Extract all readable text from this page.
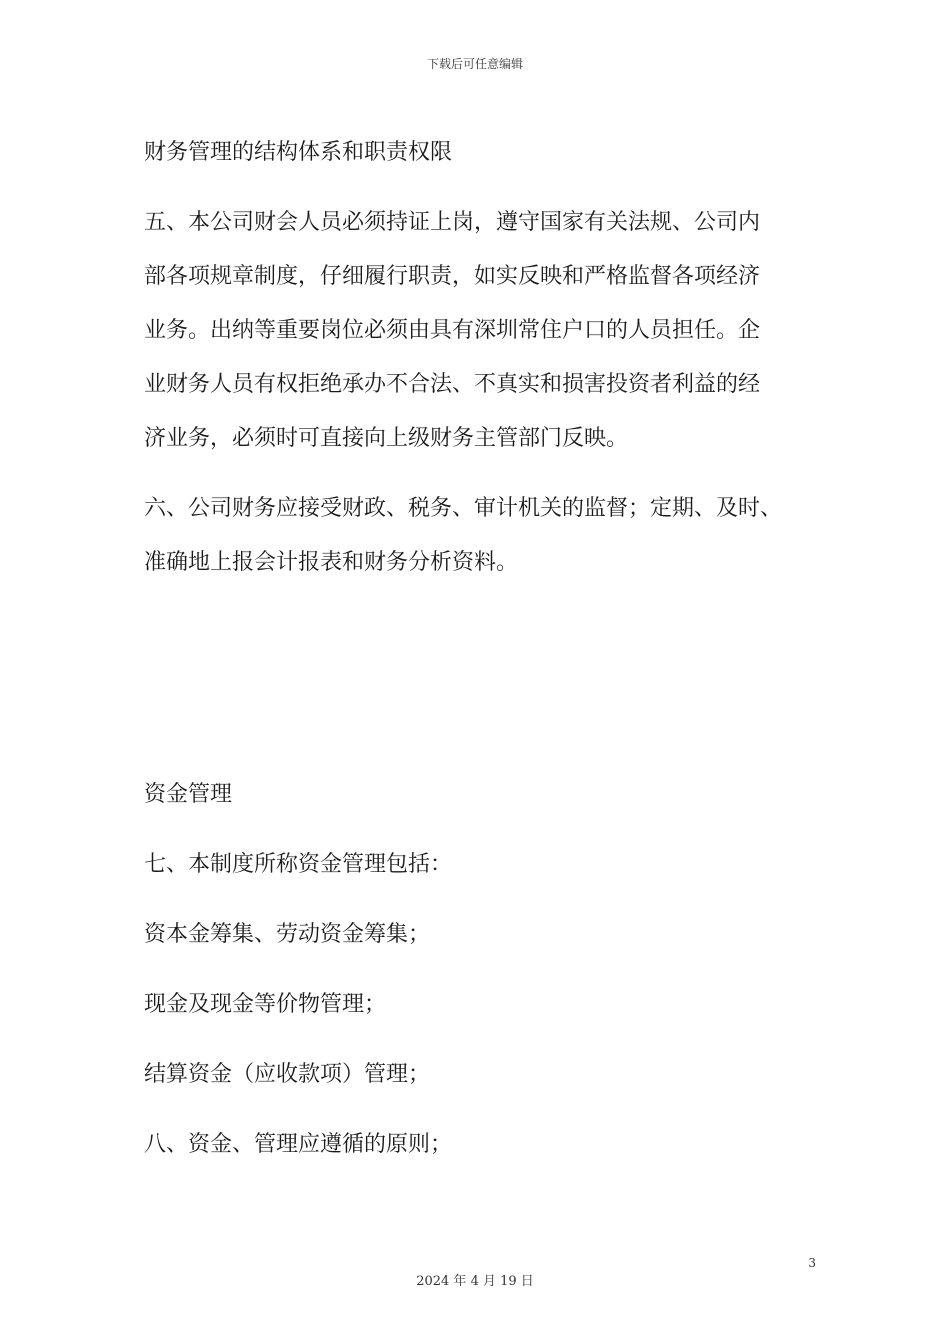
下载后可任意编辑

财务管理的结构体系和职责权限

五、本公司财会人员必须持证上岗，遵守国家有关法规、公司内

部各项规章制度，仔细履行职责，如实反映和严格监督各项经济

业务。出纳等重要岗位必须由具有深圳常住户口的人员担任。企

业财务人员有权拒绝承办不合法、不真实和损害投资者利益的经

济业务，必须时可直接向上级财务主管部门反映。

六、公司财务应接受财政、税务、审计机关的监督；定期、及时、

准确地上报会计报表和财务分析资料。

资金管理

七、本制度所称资金管理包括：

资本金筹集、劳动资金筹集；

现金及现金等价物管理；

结算资金（应收款项）管理；

八、资金、管理应遵循的原则；

3
2024 年 4 月 19 日
